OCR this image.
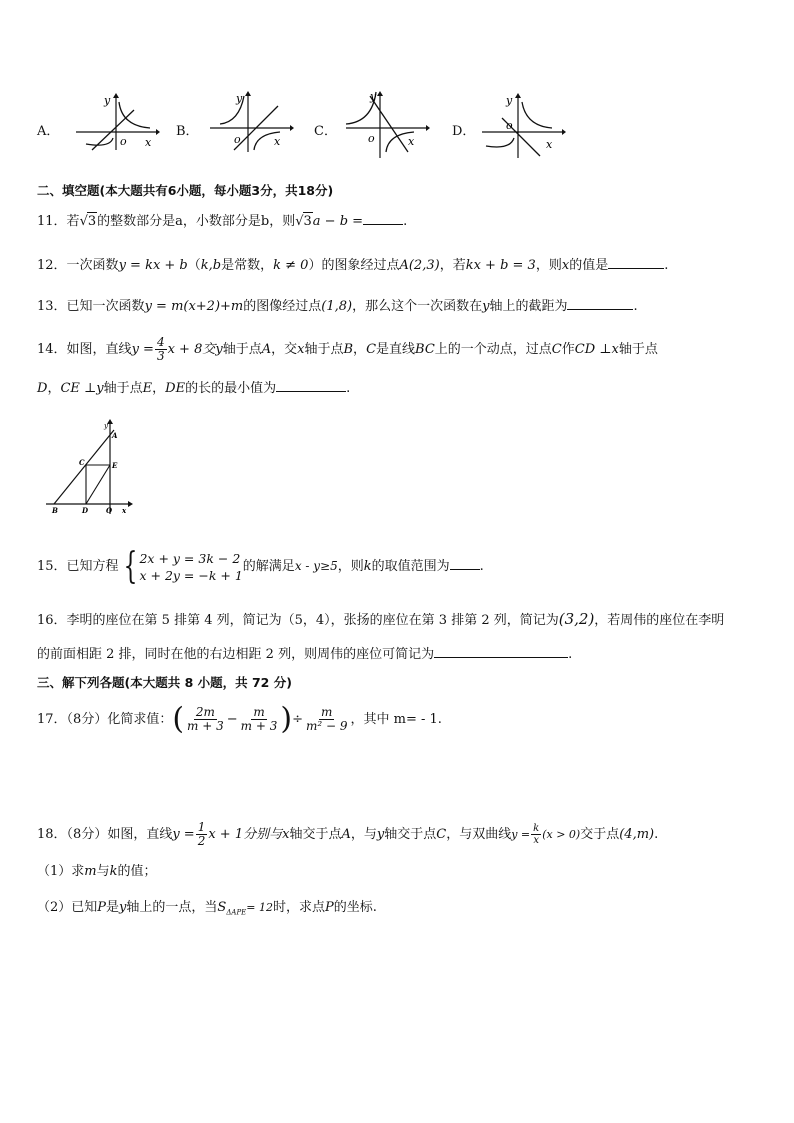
A．
y
o x
B．
y
o	x
C．
y
o	x
D．
y
o
x
二、填空题(本大题共有6小题，每小题3分，共18分)
11．若√3的整数部分是a，小数部分是b，则√3a − b =	.
12．一次函数y = kx + b（k,b是常数，k ≠ 0）的图象经过点A(2,3)，若kx + b = 3，则x的值是	.
13．已知一次函数y = m(x+2)+m的图像经过点(1,8)，那么这个一次函数在y轴上的截距为	.
14．如图，直线$y = \frac{4}{3}$ x + 8交y轴于点A，交x轴于点B，C是直线BC上的一个动点，过点C作CD ⊥x轴于点
D，CE ⊥y轴于点E，DE的长的最小值为	.
y
A
C	E
B	D	O x
15．已知方程 { 2x + y = 3k − 2
x + 2y = −k + 1
的解满足x - y≥5，则k的取值范围为 .
16．李明的座位在第 5 排第 4 列，简记为（5，4），张扬的座位在第 3 排第 2 列，简记为(3,2)，若周伟的座位在李明
的前面相距 2 排，同时在他的右边相距 2 列，则周伟的座位可简记为	.
三、解下列各题(本大题共 8 小题，共 72 分)
17．（8分）化简求值：( $\frac{2m}{m + 3} - \frac{m}{m + 3}$ )÷ $\frac{m}{\text{m² − 9}}$ ，其中 m= - 1.
18．（8分）如图，直线$y = \frac{1}{2}$ x + 1分别与x轴交于点A，与y轴交于点C，与双曲线$y = \frac{k}{x} (x > 0)$交于点(4,m).
（1）求m与k的值；
（2）已知P是y轴上的一点，当$S_{\Delta APE}= 12$时，求点P的坐标.
